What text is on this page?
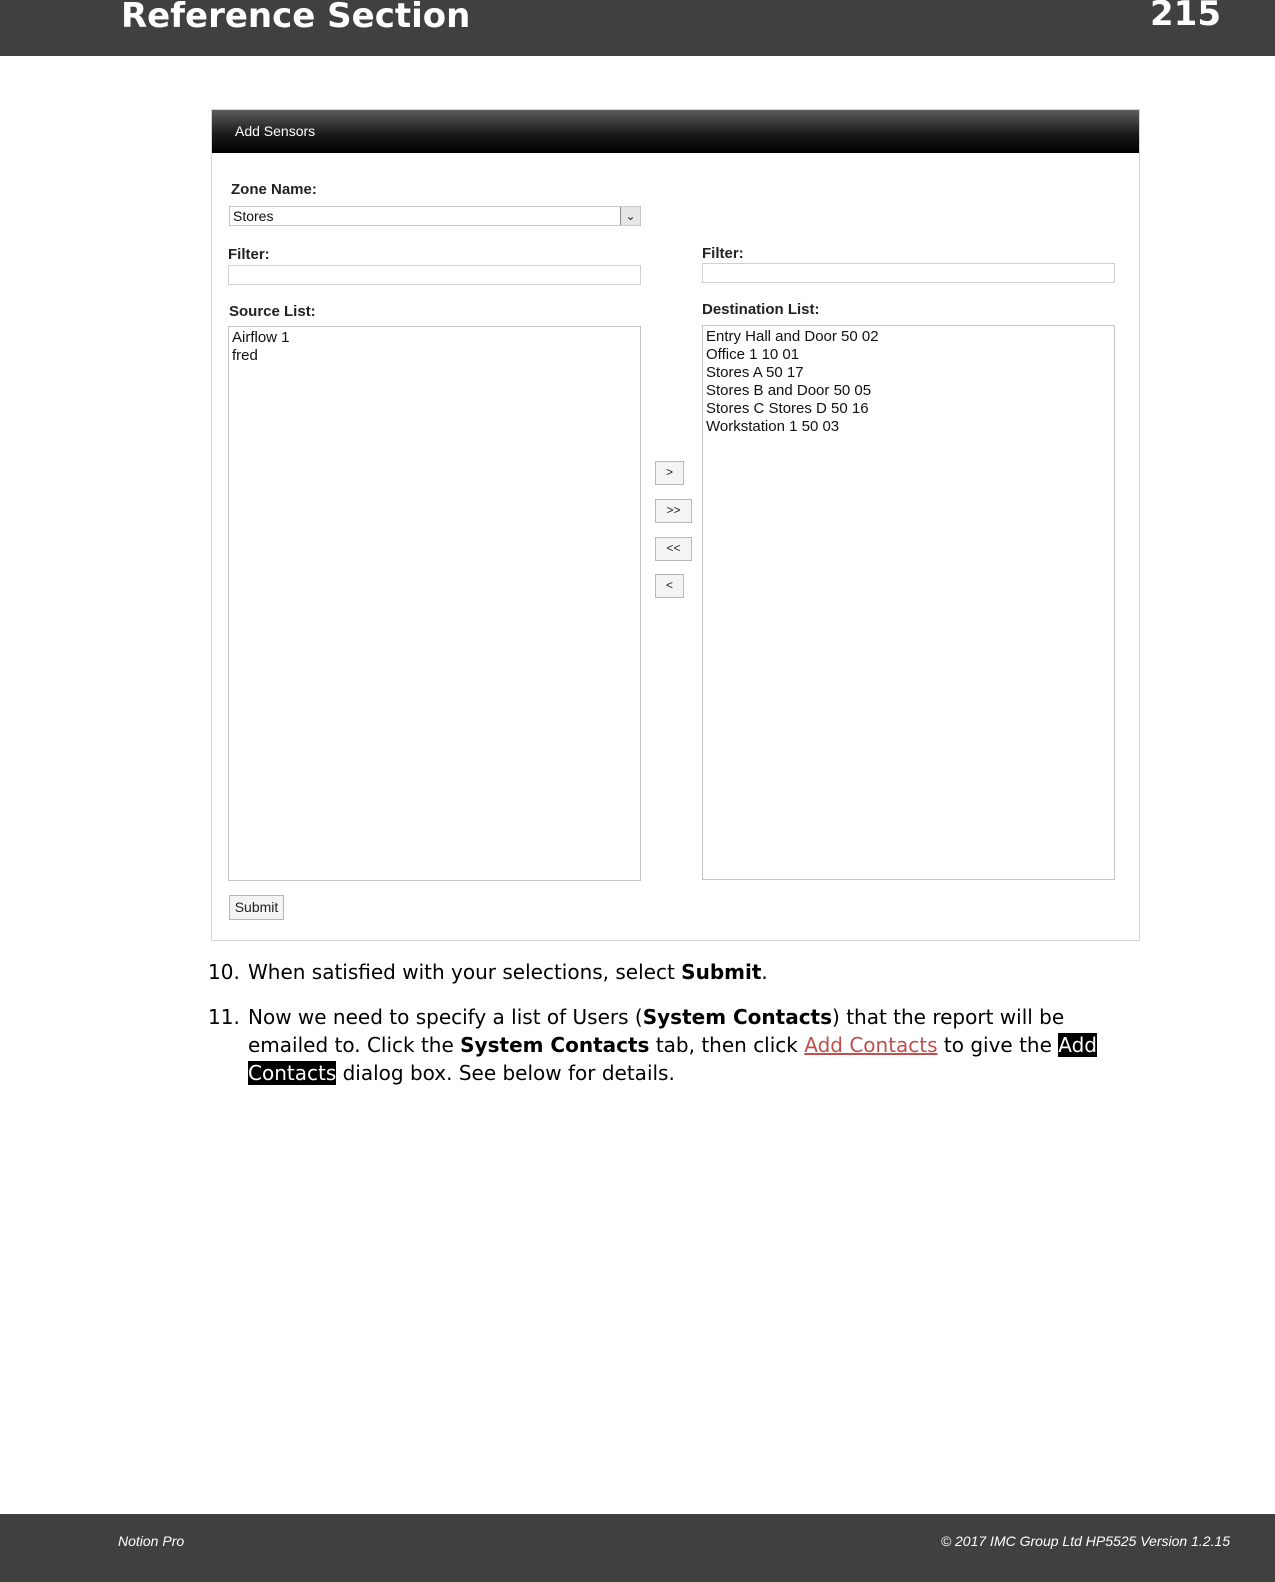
Reference Section	215
Add Sensors
Zone Name:
Stores	⌄
Filter:	Filter:
Source List:
Airflow 1
fred
Destination List:
Entry Hall and Door 50 02
Office 1 10 01
Stores A 50 17
Stores B and Door 50 05
Stores C Stores D 50 16
Workstation 1 50 03
>
>>
<<
<
Submit
10. When satisfied with your selections, select Submit.
11. Now we need to specify a list of Users (System Contacts) that the report will be emailed to. Click the System Contacts tab, then click Add Contacts to give the Add Contacts dialog box. See below for details.
Notion Pro	© 2017 IMC Group Ltd HP5525 Version 1.2.15
